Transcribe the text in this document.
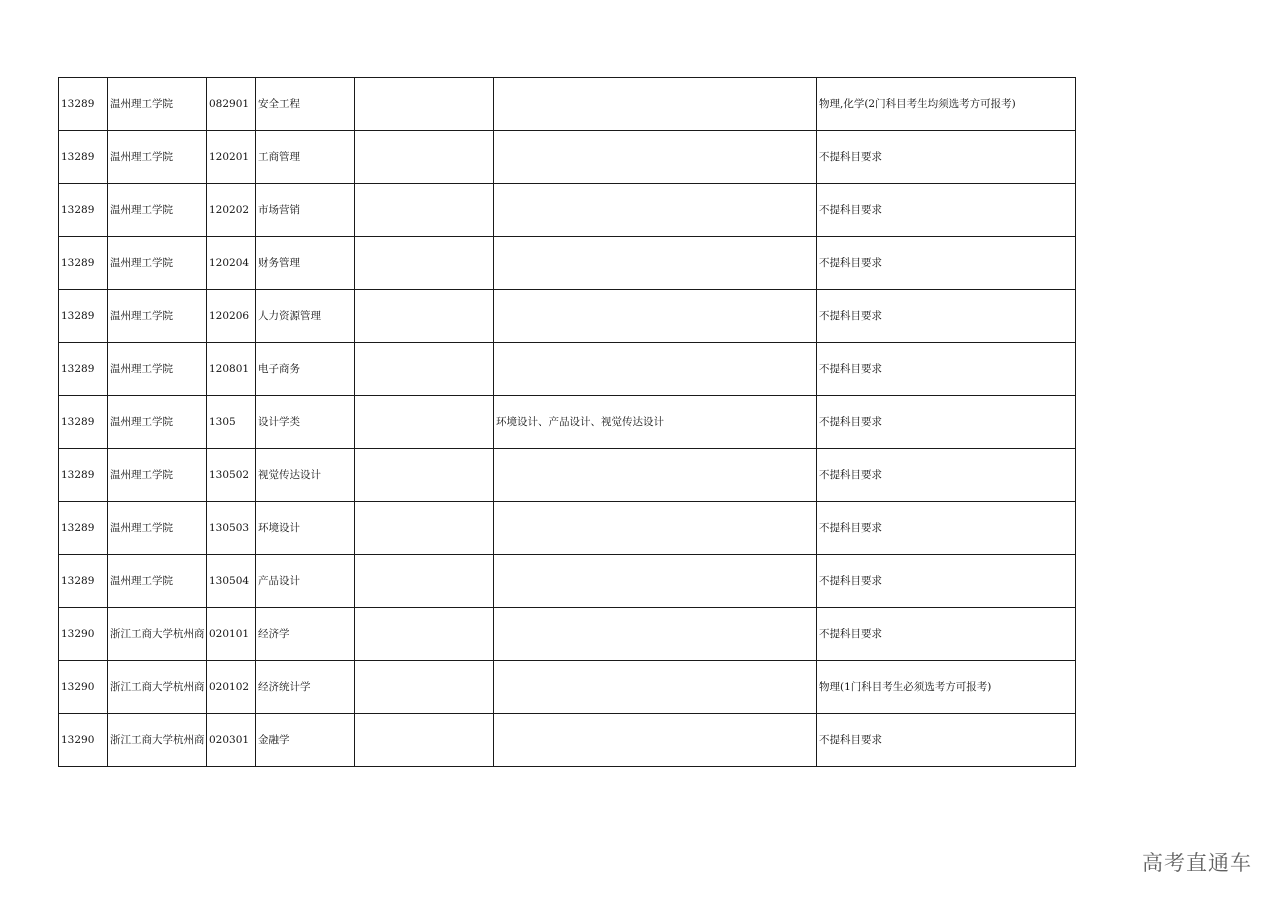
13289	温州理工学院	082901	安全工程			物理,化学(2门科目考生均须选考方可报考)
13289	温州理工学院	120201	工商管理			不提科目要求
13289	温州理工学院	120202	市场营销			不提科目要求
13289	温州理工学院	120204	财务管理			不提科目要求
13289	温州理工学院	120206	人力资源管理			不提科目要求
13289	温州理工学院	120801	电子商务			不提科目要求
13289	温州理工学院	1305	设计学类		环境设计、产品设计、视觉传达设计	不提科目要求
13289	温州理工学院	130502	视觉传达设计			不提科目要求
13289	温州理工学院	130503	环境设计			不提科目要求
13289	温州理工学院	130504	产品设计			不提科目要求
13290	浙江工商大学杭州商	020101	经济学			不提科目要求
13290	浙江工商大学杭州商	020102	经济统计学			物理(1门科目考生必须选考方可报考)
13290	浙江工商大学杭州商	020301	金融学			不提科目要求
高考直通车
